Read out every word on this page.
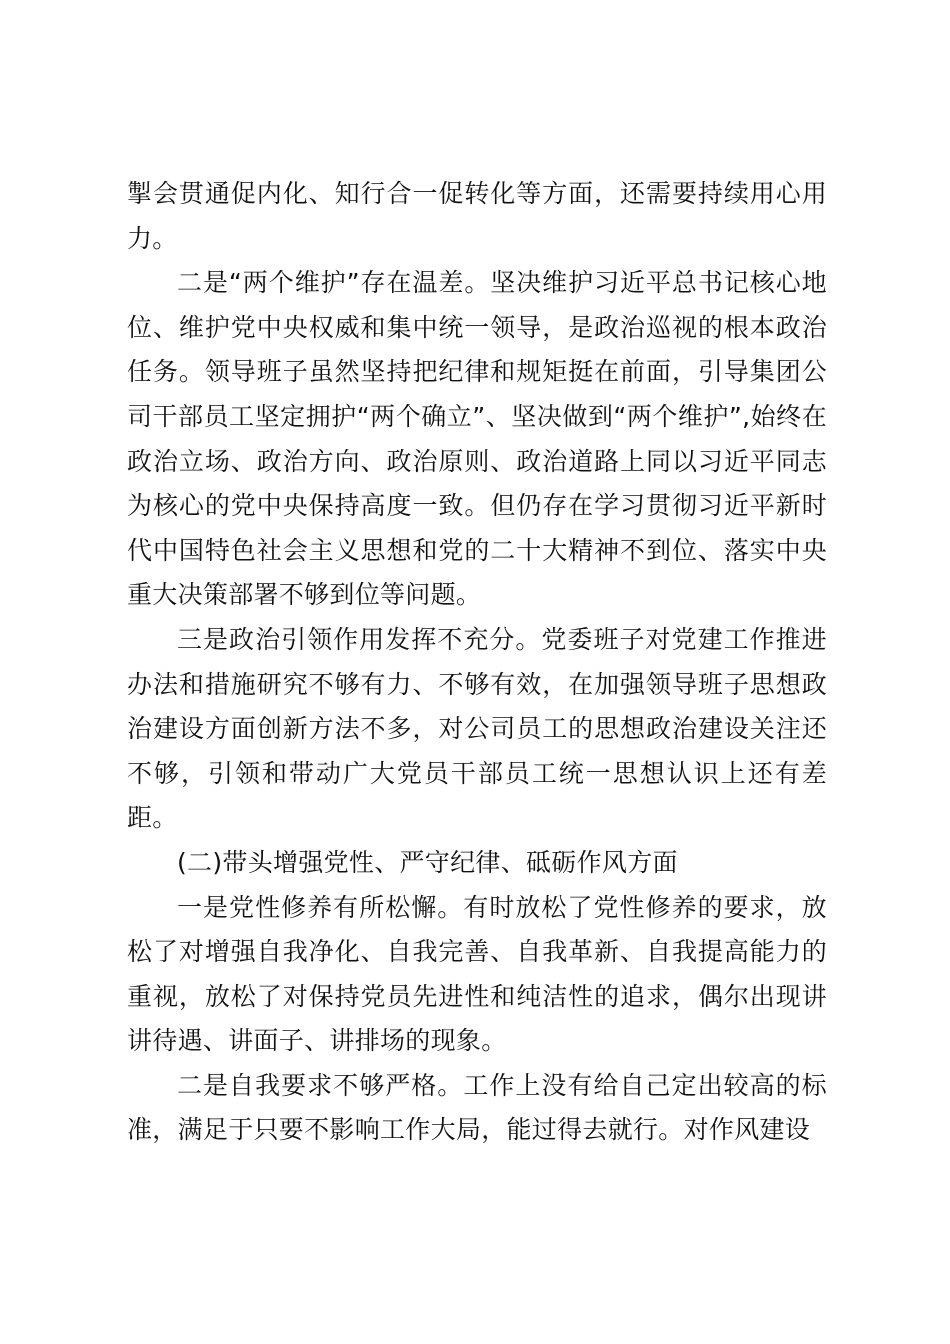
掣会贯通促内化、知行合一促转化等方面，还需要持续用心用力。

二是“两个维护”存在温差。坚决维护习近平总书记核心地位、维护党中央权威和集中统一领导，是政治巡视的根本政治任务。领导班子虽然坚持把纪律和规矩挺在前面，引导集团公司干部员工坚定拥护“两个确立”、坚决做到“两个维护”,始终在政治立场、政治方向、政治原则、政治道路上同以习近平同志为核心的党中央保持高度一致。但仍存在学习贯彻习近平新时代中国特色社会主义思想和党的二十大精神不到位、落实中央重大决策部署不够到位等问题。

三是政治引领作用发挥不充分。党委班子对党建工作推进办法和措施研究不够有力、不够有效，在加强领导班子思想政治建设方面创新方法不多，对公司员工的思想政治建设关注还不够，引领和带动广大党员干部员工统一思想认识上还有差距。

(二)带头增强党性、严守纪律、砥砺作风方面

一是党性修养有所松懈。有时放松了党性修养的要求，放松了对增强自我净化、自我完善、自我革新、自我提高能力的重视，放松了对保持党员先进性和纯洁性的追求，偶尔出现讲讲待遇、讲面子、讲排场的现象。

二是自我要求不够严格。工作上没有给自己定出较高的标准，满足于只要不影响工作大局，能过得去就行。对作风建设
